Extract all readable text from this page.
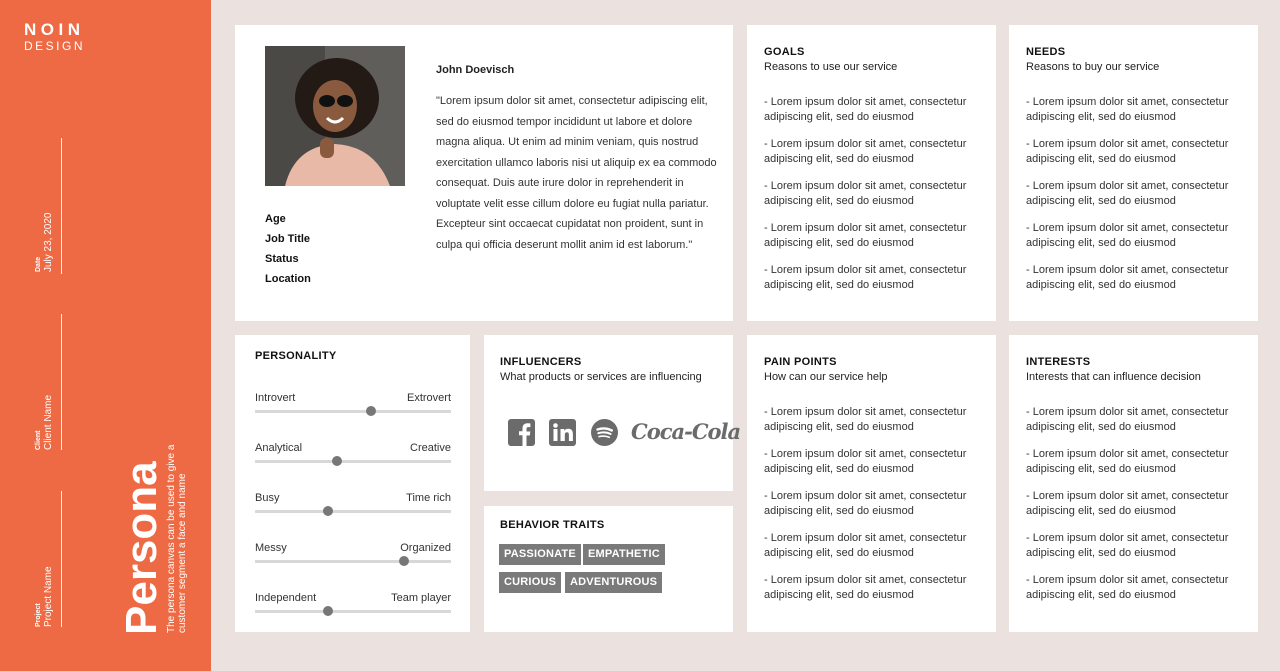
NOIN
DESIGN
Date July 23, 2020
Client Client Name
Project Project Name Persona The persona canvas can be used to give a customer segment a face and name
Age
Job Title
Status
Location
John Doevisch
"Lorem ipsum dolor sit amet, consectetur adipiscing elit, sed do eiusmod tempor incididunt ut labore et dolore magna aliqua. Ut enim ad minim veniam, quis nostrud exercitation ullamco laboris nisi ut aliquip ex ea commodo consequat. Duis aute irure dolor in reprehenderit in voluptate velit esse cillum dolore eu fugiat nulla pariatur. Excepteur sint occaecat cupidatat non proident, sunt in culpa qui officia deserunt mollit anim id est laborum."
GOALS
Reasons to use our service
- Lorem ipsum dolor sit amet, consectetur adipiscing elit, sed do eiusmod
- Lorem ipsum dolor sit amet, consectetur adipiscing elit, sed do eiusmod
- Lorem ipsum dolor sit amet, consectetur adipiscing elit, sed do eiusmod
- Lorem ipsum dolor sit amet, consectetur adipiscing elit, sed do eiusmod
- Lorem ipsum dolor sit amet, consectetur adipiscing elit, sed do eiusmod
NEEDS
Reasons to buy our service
- Lorem ipsum dolor sit amet, consectetur adipiscing elit, sed do eiusmod
- Lorem ipsum dolor sit amet, consectetur adipiscing elit, sed do eiusmod
- Lorem ipsum dolor sit amet, consectetur adipiscing elit, sed do eiusmod
- Lorem ipsum dolor sit amet, consectetur adipiscing elit, sed do eiusmod
- Lorem ipsum dolor sit amet, consectetur adipiscing elit, sed do eiusmod
PERSONALITY
Introvert	Extrovert
Analytical	Creative
Busy	Time rich
Messy	Organized
Independent	Team player
INFLUENCERS
What products or services are influencing
Coca-Cola
BEHAVIOR TRAITS
PASSIONATE	EMPATHETIC
CURIOUS	ADVENTUROUS
PAIN POINTS
How can our service help
- Lorem ipsum dolor sit amet, consectetur adipiscing elit, sed do eiusmod
- Lorem ipsum dolor sit amet, consectetur adipiscing elit, sed do eiusmod
- Lorem ipsum dolor sit amet, consectetur adipiscing elit, sed do eiusmod
- Lorem ipsum dolor sit amet, consectetur adipiscing elit, sed do eiusmod
- Lorem ipsum dolor sit amet, consectetur adipiscing elit, sed do eiusmod
INTERESTS
Interests that can influence decision
- Lorem ipsum dolor sit amet, consectetur adipiscing elit, sed do eiusmod
- Lorem ipsum dolor sit amet, consectetur adipiscing elit, sed do eiusmod
- Lorem ipsum dolor sit amet, consectetur adipiscing elit, sed do eiusmod
- Lorem ipsum dolor sit amet, consectetur adipiscing elit, sed do eiusmod
- Lorem ipsum dolor sit amet, consectetur adipiscing elit, sed do eiusmod
